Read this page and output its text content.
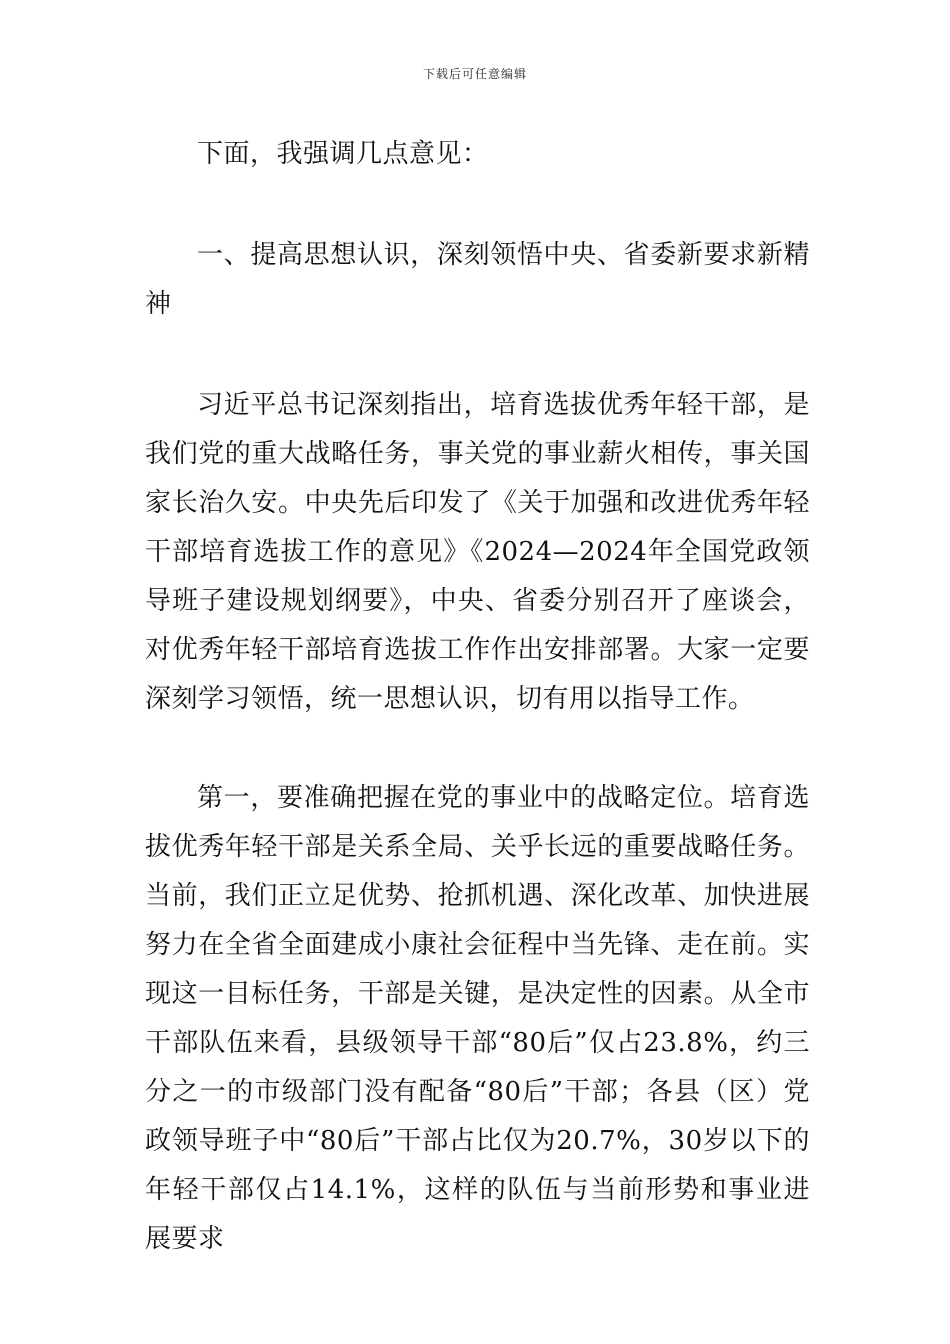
下载后可任意编辑

下面，我强调几点意见：

一、提高思想认识，深刻领悟中央、省委新要求新精神

习近平总书记深刻指出，培育选拔优秀年轻干部，是我们党的重大战略任务，事关党的事业薪火相传，事关国家长治久安。中央先后印发了《关于加强和改进优秀年轻干部培育选拔工作的意见》《2024—2024年全国党政领导班子建设规划纲要》，中央、省委分别召开了座谈会，对优秀年轻干部培育选拔工作作出安排部署。大家一定要深刻学习领悟，统一思想认识，切有用以指导工作。

第一，要准确把握在党的事业中的战略定位。培育选拔优秀年轻干部是关系全局、关乎长远的重要战略任务。当前，我们正立足优势、抢抓机遇、深化改革、加快进展努力在全省全面建成小康社会征程中当先锋、走在前。实现这一目标任务，干部是关键，是决定性的因素。从全市干部队伍来看，县级领导干部“80后”仅占23.8%，约三分之一的市级部门没有配备“80后”干部；各县（区）党政领导班子中“80后”干部占比仅为20.7%，30岁以下的年轻干部仅占14.1%，这样的队伍与当前形势和事业进展要求
